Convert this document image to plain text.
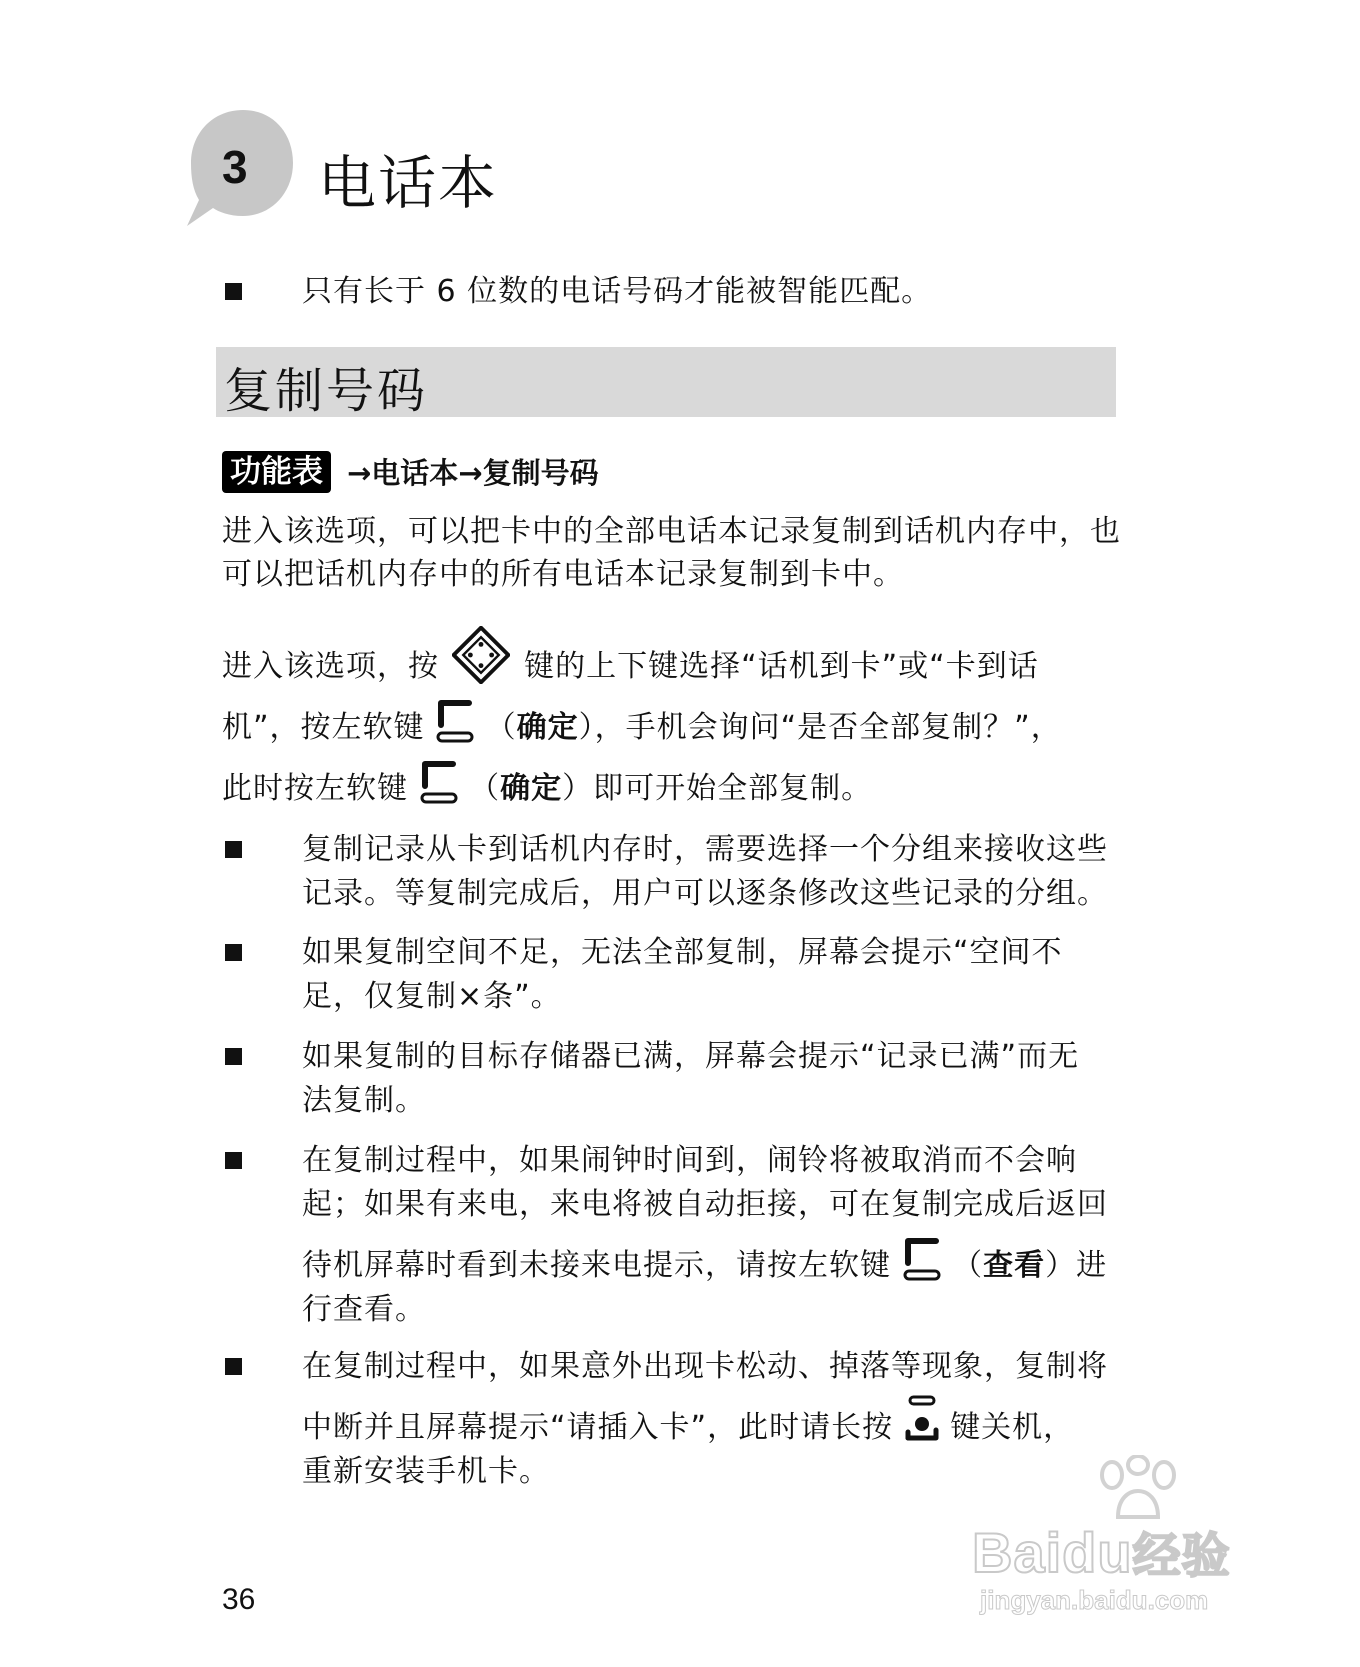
3 电话本
只有长于 6 位数的电话号码才能被智能匹配。
复制号码
功能表 →电话本→复制号码
进入该选项，可以把卡中的全部电话本记录复制到话机内存中，也
可以把话机内存中的所有电话本记录复制到卡中。
进入该选项，按	键的上下键选择“话机到卡”或“卡到话
机”，按左软键 （确定），手机会询问“是否全部复制？”，
此时按左软键 （确定）即可开始全部复制。
复制记录从卡到话机内存时，需要选择一个分组来接收这些
记录。等复制完成后，用户可以逐条修改这些记录的分组。
如果复制空间不足，无法全部复制，屏幕会提示“空间不
足，仅复制×条”。
如果复制的目标存储器已满，屏幕会提示“记录已满”而无
法复制。
在复制过程中，如果闹钟时间到，闹铃将被取消而不会响
起；如果有来电，来电将被自动拒接，可在复制完成后返回
待机屏幕时看到未接来电提示，请按左软键 （查看）进
行查看。
在复制过程中，如果意外出现卡松动、掉落等现象，复制将
中断并且屏幕提示“请插入卡”，此时请长按 键关机，
重新安装手机卡。
36
Baidu经验
jingyan.baidu.com
